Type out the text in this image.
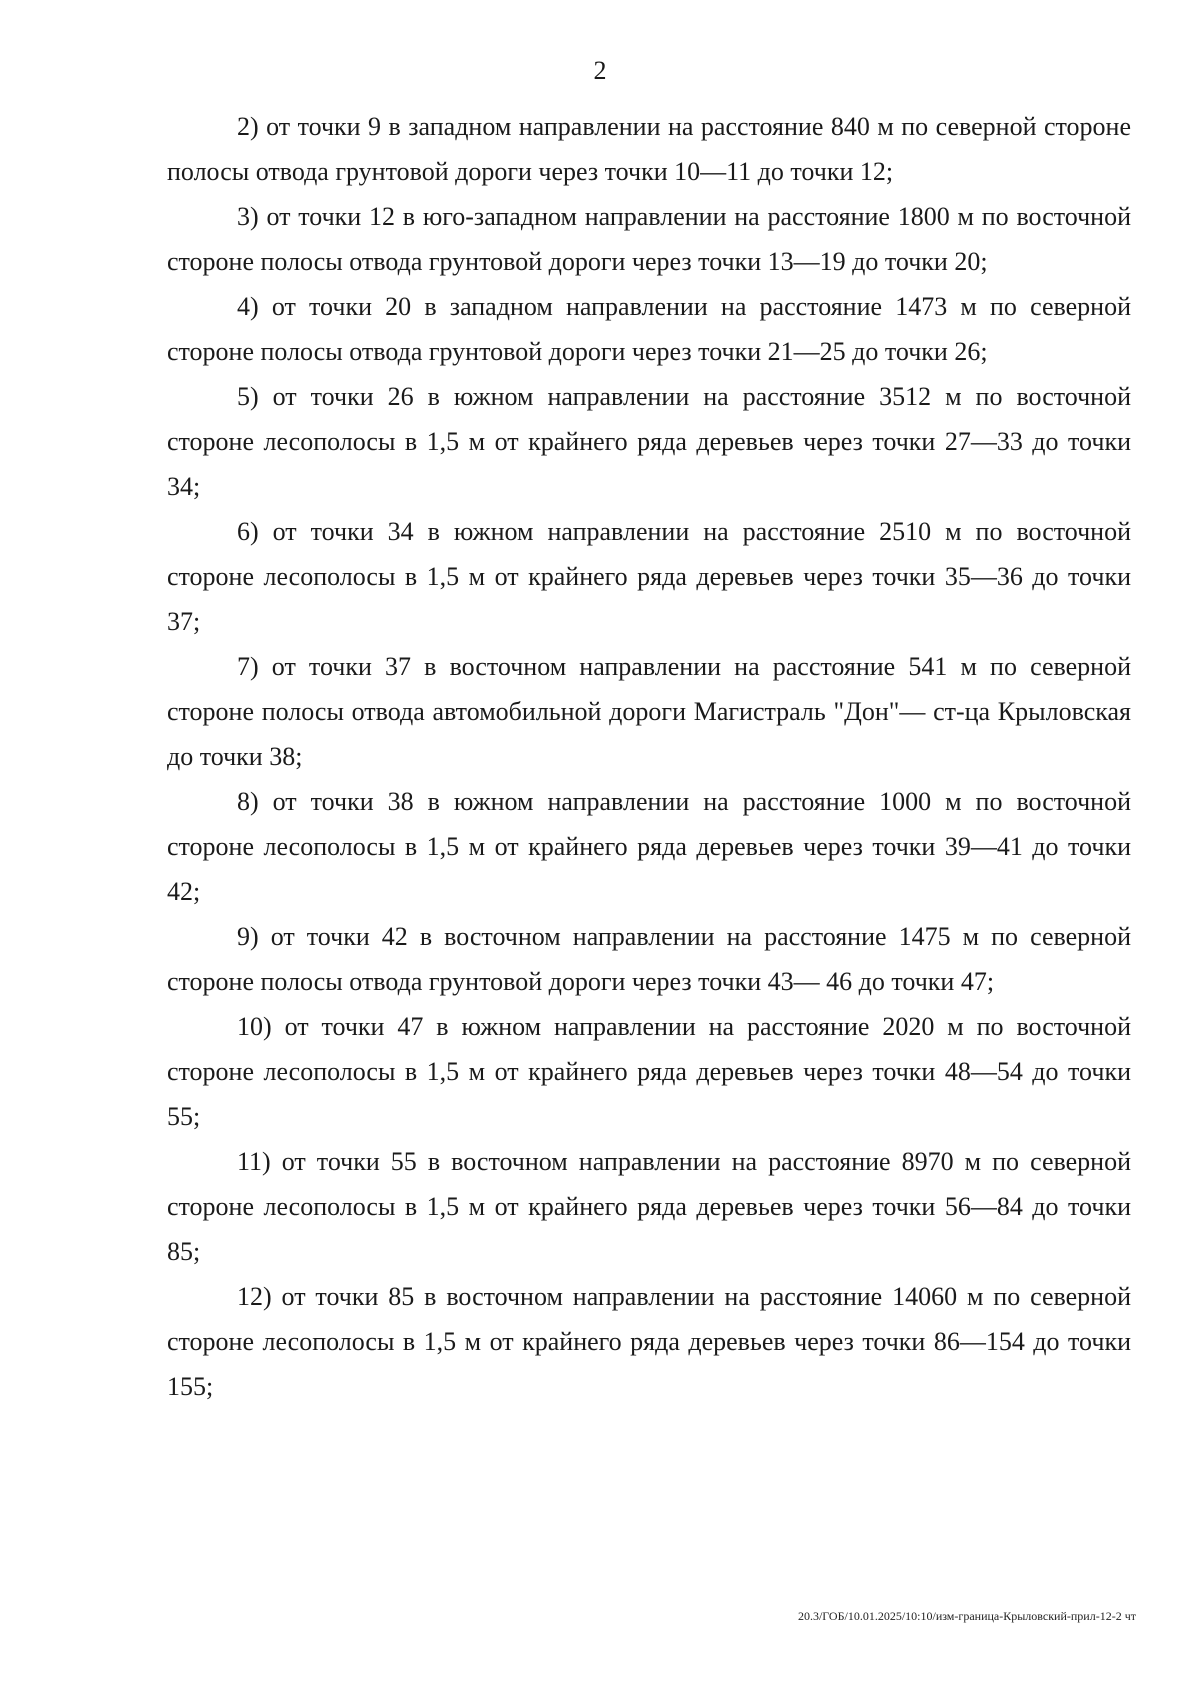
2

2) от точки 9 в западном направлении на расстояние 840 м по северной стороне полосы отвода грунтовой дороги через точки 10—11 до точки 12;

3) от точки 12 в юго-западном направлении на расстояние 1800 м по восточной стороне полосы отвода грунтовой дороги через точки 13—19 до точки 20;

4) от точки 20 в западном направлении на расстояние 1473 м по северной стороне полосы отвода грунтовой дороги через точки 21—25 до точки 26;

5) от точки 26 в южном направлении на расстояние 3512 м по восточной стороне лесополосы в 1,5 м от крайнего ряда деревьев через точки 27—33 до точки 34;

6) от точки 34 в южном направлении на расстояние 2510 м по восточной стороне лесополосы в 1,5 м от крайнего ряда деревьев через точки 35—36 до точки 37;

7) от точки 37 в восточном направлении на расстояние 541 м по северной стороне полосы отвода автомобильной дороги Магистраль "Дон"— ст-ца Крыловская до точки 38;

8) от точки 38 в южном направлении на расстояние 1000 м по восточной стороне лесополосы в 1,5 м от крайнего ряда деревьев через точки 39—41 до точки 42;

9) от точки 42 в восточном направлении на расстояние 1475 м по северной стороне полосы отвода грунтовой дороги через точки 43— 46 до точки 47;

10) от точки 47 в южном направлении на расстояние 2020 м по восточной стороне лесополосы в 1,5 м от крайнего ряда деревьев через точки 48—54 до точки 55;

11) от точки 55 в восточном направлении на расстояние 8970 м по северной стороне лесополосы в 1,5 м от крайнего ряда деревьев через точки 56—84 до точки 85;

12) от точки 85 в восточном направлении на расстояние 14060 м по северной стороне лесополосы в 1,5 м от крайнего ряда деревьев через точки 86—154 до точки 155;

20.3/ГОБ/10.01.2025/10:10/изм-граница-Крыловский-прил-12-2 чт
